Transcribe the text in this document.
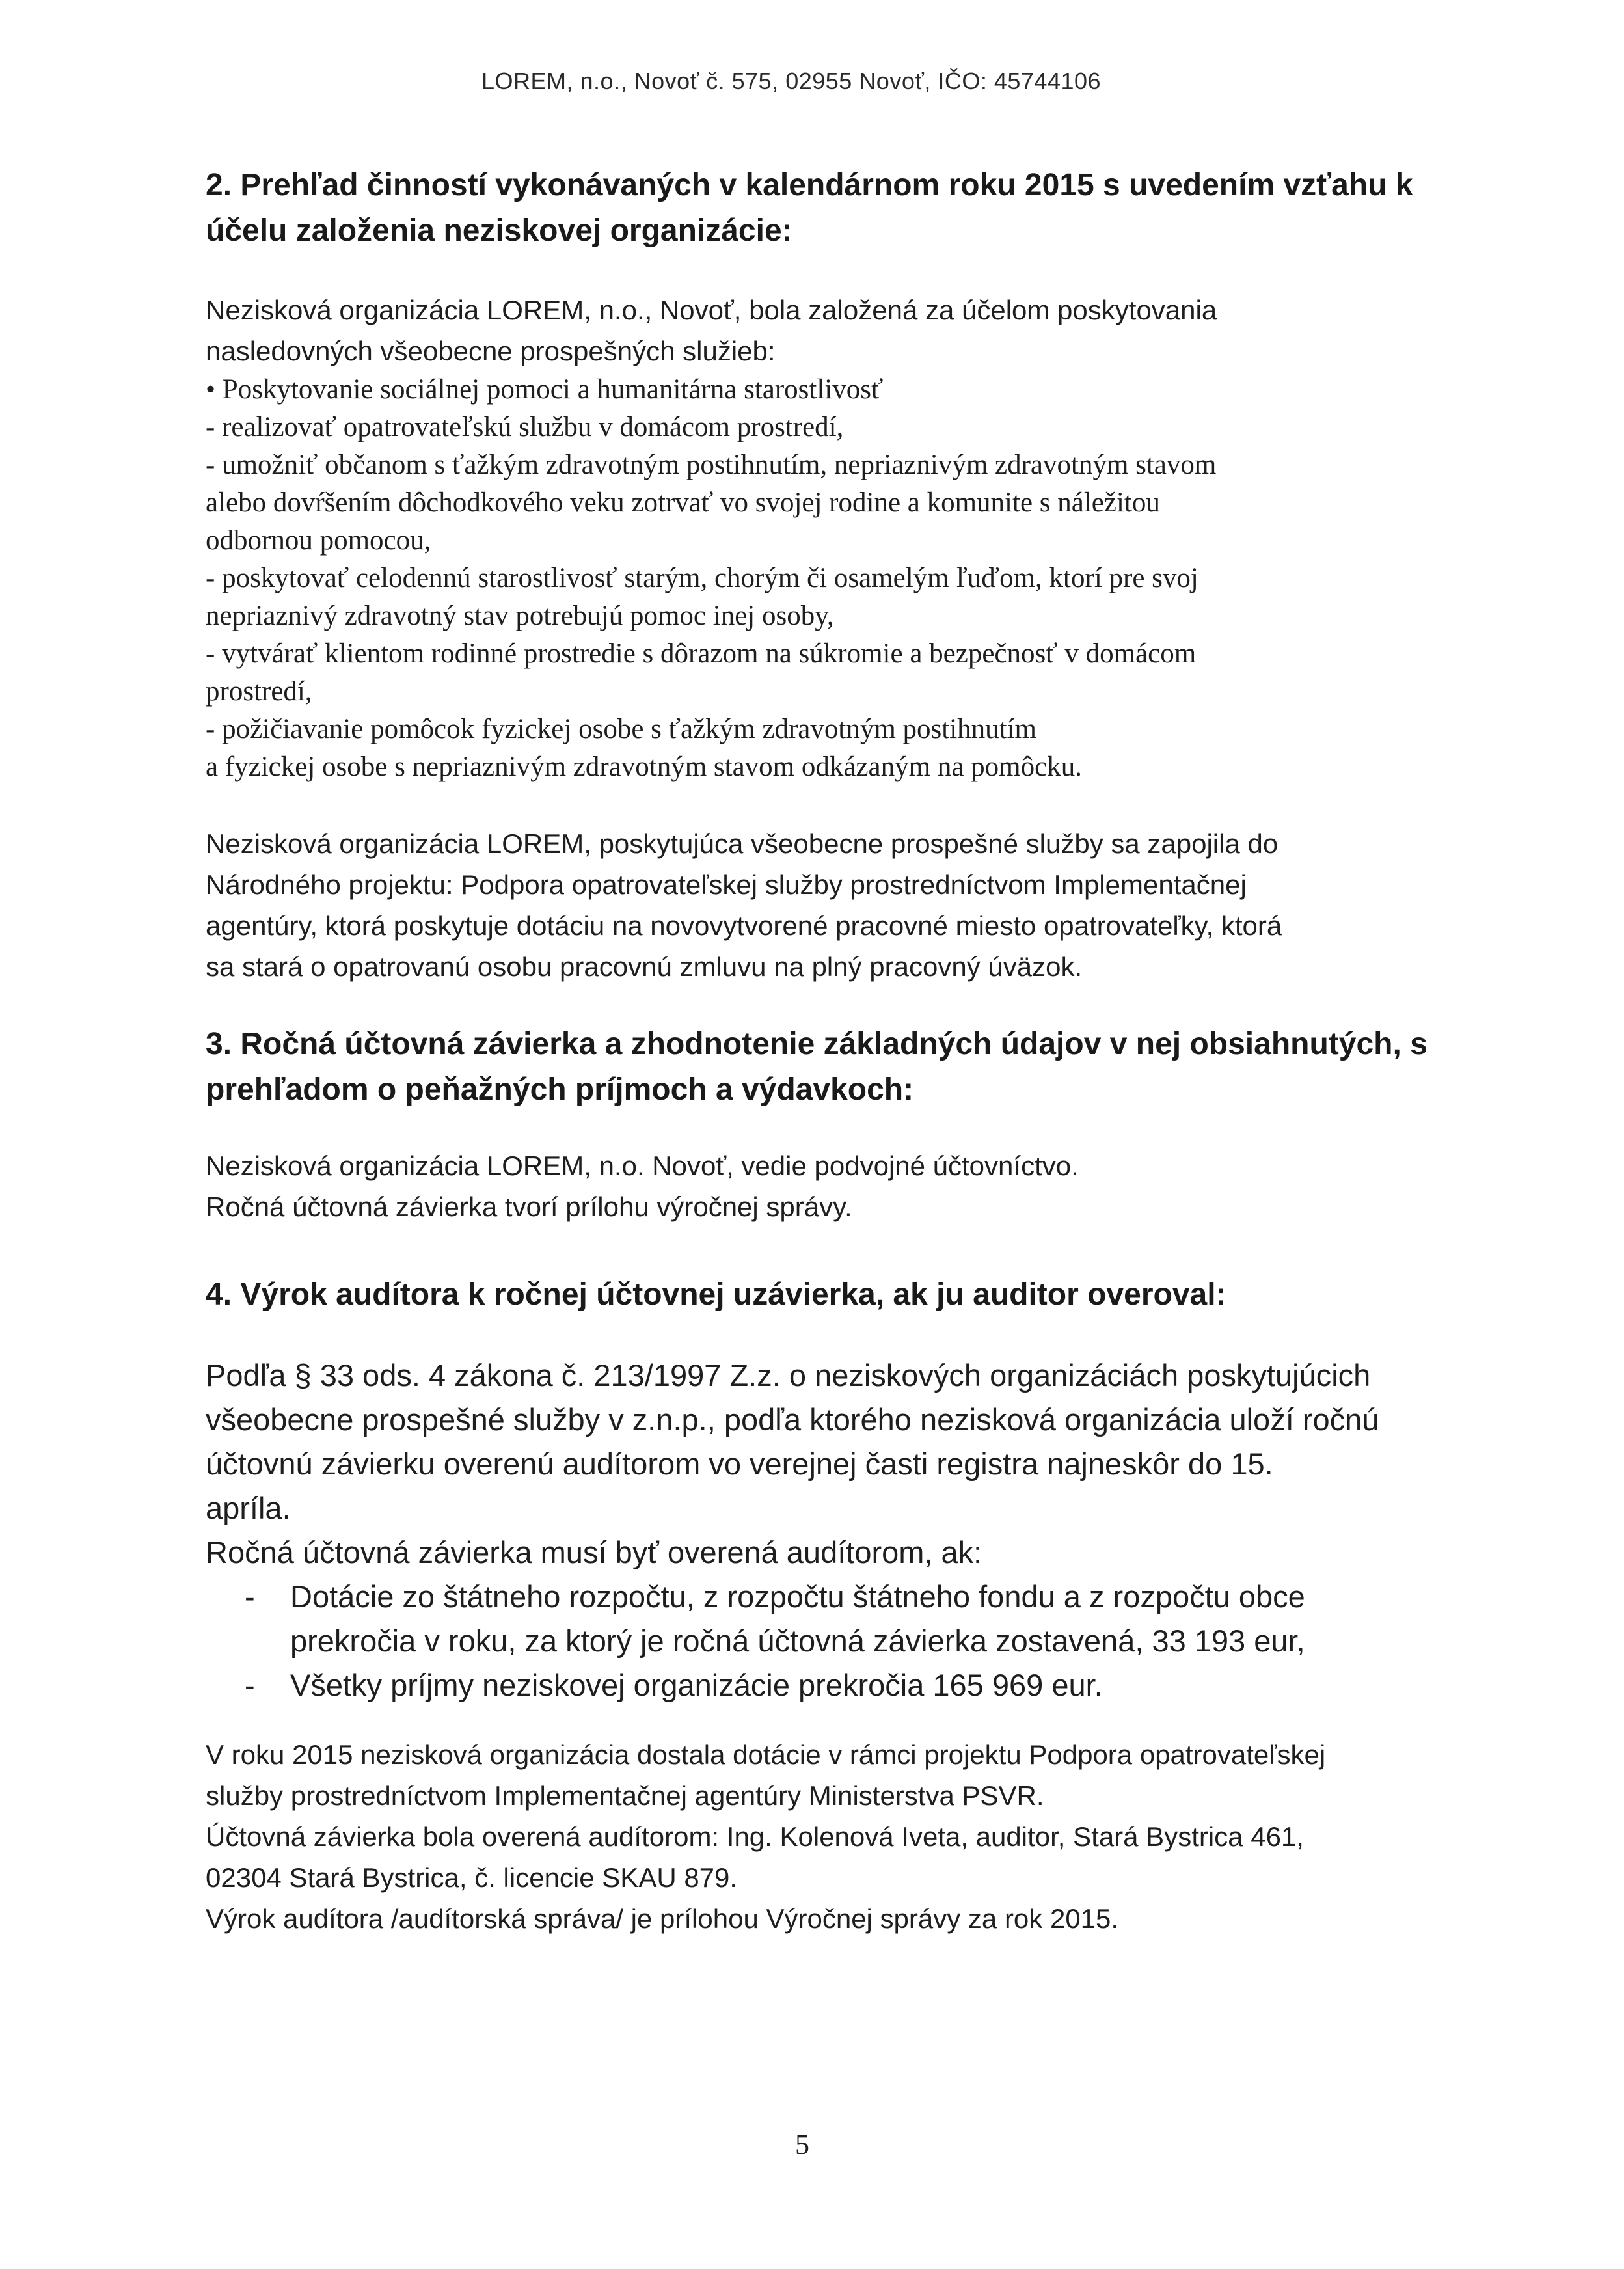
LOREM, n.o., Novoť č. 575, 02955 Novoť, IČO: 45744106
2. Prehľad činností vykonávaných v kalendárnom roku 2015 s uvedením vzťahu k
účelu založenia neziskovej organizácie:
Nezisková organizácia LOREM, n.o., Novoť, bola založená za účelom poskytovania
nasledovných všeobecne prospešných služieb:
• Poskytovanie sociálnej pomoci a humanitárna starostlivosť
- realizovať opatrovateľskú službu v domácom prostredí,
- umožniť občanom s ťažkým zdravotným postihnutím, nepriaznivým zdravotným stavom
alebo dovŕšením dôchodkového veku zotrvať vo svojej rodine a komunite s náležitou
odbornou pomocou,
- poskytovať celodennú starostlivosť starým, chorým či osamelým ľuďom, ktorí pre svoj
nepriaznivý zdravotný stav potrebujú pomoc inej osoby,
- vytvárať klientom rodinné prostredie s dôrazom na súkromie a bezpečnosť v domácom
prostredí,
- požičiavanie pomôcok fyzickej osobe s ťažkým zdravotným postihnutím
a fyzickej osobe s nepriaznivým zdravotným stavom odkázaným na pomôcku.
Nezisková organizácia LOREM, poskytujúca všeobecne prospešné služby sa zapojila do
Národného projektu: Podpora opatrovateľskej služby prostredníctvom Implementačnej
agentúry, ktorá poskytuje dotáciu na novovytvorené pracovné miesto opatrovateľky, ktorá
sa stará o opatrovanú osobu pracovnú zmluvu na plný pracovný úväzok.
3. Ročná účtovná závierka a zhodnotenie základných údajov v nej obsiahnutých, s
prehľadom o peňažných príjmoch a výdavkoch:
Nezisková organizácia LOREM, n.o. Novoť, vedie podvojné účtovníctvo.
Ročná účtovná závierka tvorí prílohu výročnej správy.
4. Výrok audítora k ročnej účtovnej uzávierka, ak ju auditor overoval:
Podľa § 33 ods. 4 zákona č. 213/1997 Z.z. o neziskových organizáciách poskytujúcich
všeobecne prospešné služby v z.n.p., podľa ktorého nezisková organizácia uloží ročnú
účtovnú závierku overenú audítorom vo verejnej časti registra najneskôr do 15.
apríla.
Ročná účtovná závierka musí byť overená audítorom, ak:
-	Dotácie zo štátneho rozpočtu, z rozpočtu štátneho fondu a z rozpočtu obce
prekročia v roku, za ktorý je ročná účtovná závierka zostavená, 33 193 eur,
-	Všetky príjmy neziskovej organizácie prekročia 165 969 eur.
V roku 2015 nezisková organizácia dostala dotácie v rámci projektu Podpora opatrovateľskej
služby prostredníctvom Implementačnej agentúry Ministerstva PSVR.
Účtovná závierka bola overená audítorom: Ing. Kolenová Iveta, auditor, Stará Bystrica 461,
02304 Stará Bystrica, č. licencie SKAU 879.
Výrok audítora /audítorská správa/ je prílohou Výročnej správy za rok 2015.
5
